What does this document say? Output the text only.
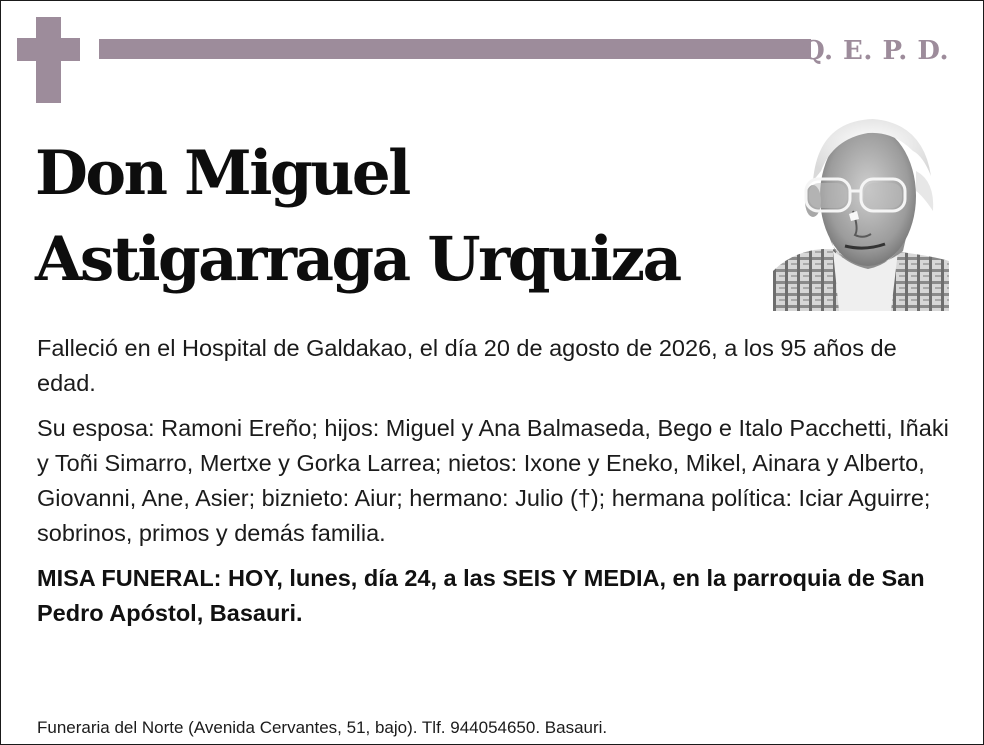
Q. E. P. D.
Don Miguel
Astigarraga Urquiza

Falleció en el Hospital de Galdakao, el día 20 de agosto de 2026, a los 95 años de edad.

Su esposa: Ramoni Ereño; hijos: Miguel y Ana Balmaseda, Bego e Italo Pacchetti, Iñaki y Toñi Simarro, Mertxe y Gorka Larrea; nietos: Ixone y Eneko, Mikel, Ainara y Alberto, Giovanni, Ane, Asier; biznieto: Aiur; hermano: Julio (†); hermana política: Iciar Aguirre; sobrinos, primos y demás familia.

MISA FUNERAL: HOY, lunes, día 24, a las SEIS Y MEDIA, en la parroquia de San Pedro Apóstol, Basauri.

Funeraria del Norte (Avenida Cervantes, 51, bajo). Tlf. 944054650. Basauri.
